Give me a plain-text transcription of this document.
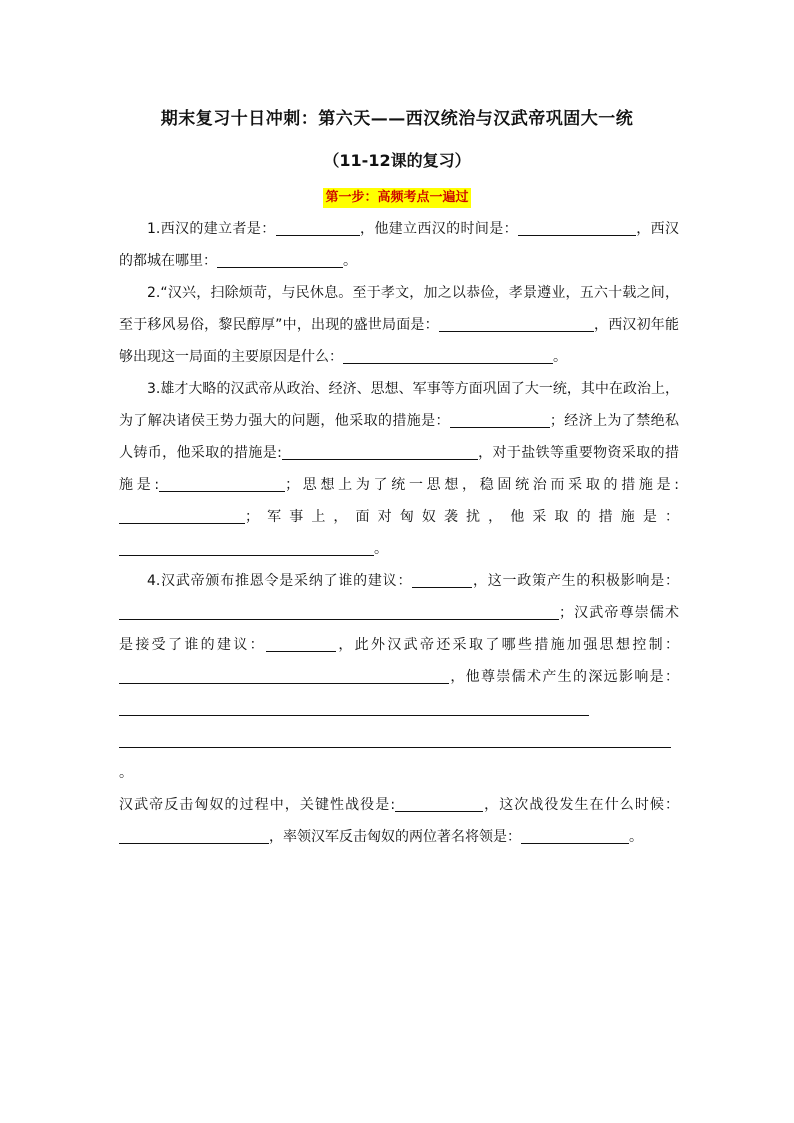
期末复习十日冲刺：第六天——西汉统治与汉武帝巩固大一统
（11-12课的复习）
第一步：高频考点一遍过

1.西汉的建立者是：	，他建立西汉的时间是：	，西汉的都城在哪里：	。

2.“汉兴，扫除烦苛，与民休息。至于孝文，加之以恭俭，孝景遵业，五六十载之间，至于移风易俗，黎民醇厚”中，出现的盛世局面是：	，西汉初年能够出现这一局面的主要原因是什么：	。

3.雄才大略的汉武帝从政治、经济、思想、军事等方面巩固了大一统，其中在政治上，为了解决诸侯王势力强大的问题，他采取的措施是：	；经济上为了禁绝私人铸币，他采取的措施是:	，对于盐铁等重要物资采取的措施是:	；思想上为了统一思想，稳固统治而采取的措施是:；军事上，面对匈奴袭扰，他采取的措施是：。

4.汉武帝颁布推恩令是采纳了谁的建议：	，这一政策产生的积极影响是：；汉武帝尊崇儒术是接受了谁的建议：	，此外汉武帝还采取了哪些措施加强思想控制：，他尊崇儒术产生的深远影响是：。

汉武帝反击匈奴的过程中，关键性战役是:	，这次战役发生在什么时候：，率领汉军反击匈奴的两位著名将领是：	。
